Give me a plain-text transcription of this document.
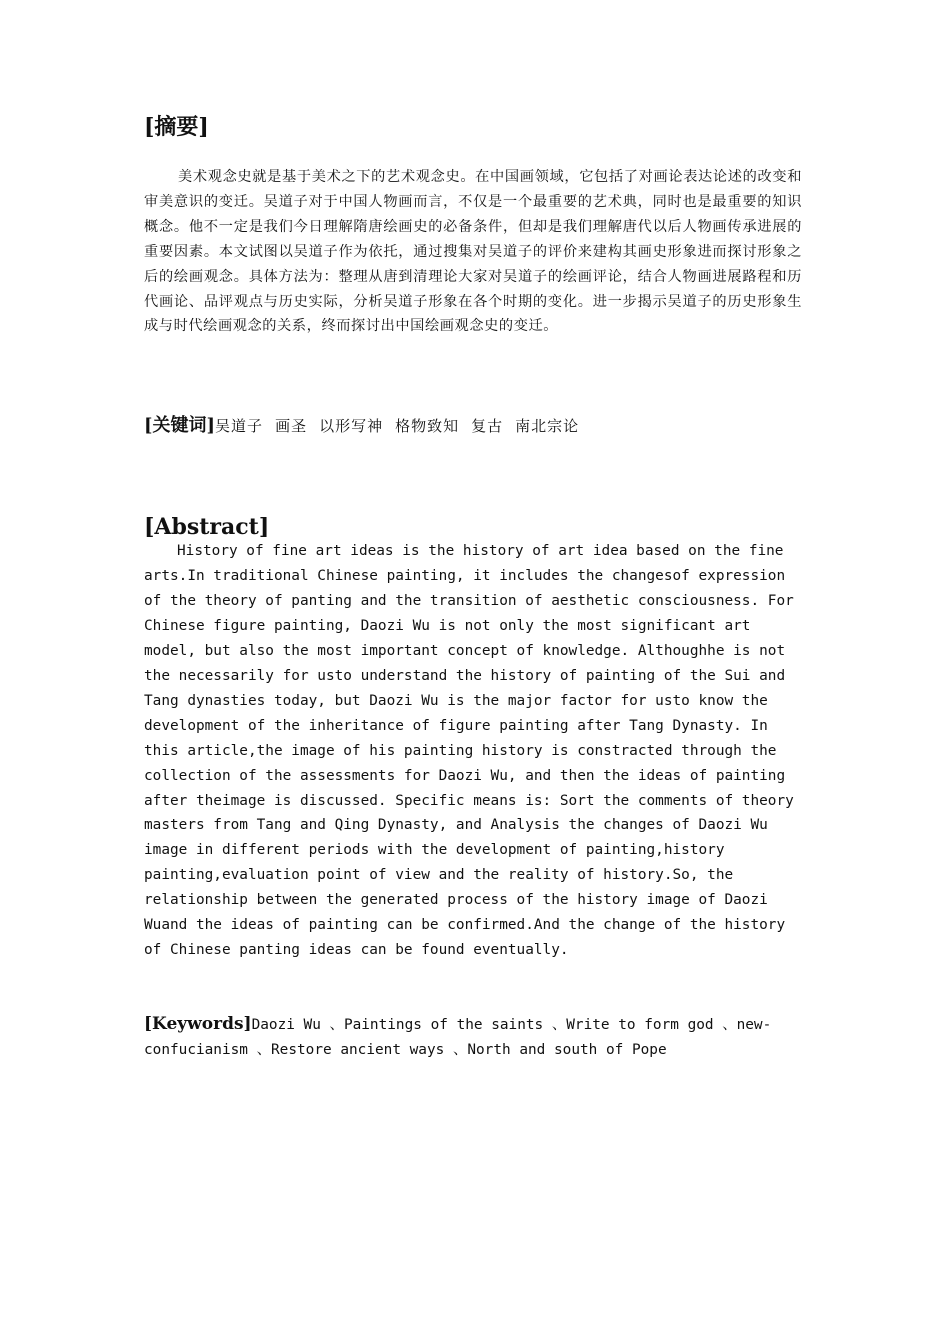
[摘要]

美术观念史就是基于美术之下的艺术观念史。在中国画领域，它包括了对画论表达论述的改变和审美意识的变迁。吴道子对于中国人物画而言，不仅是一个最重要的艺术典，同时也是最重要的知识概念。他不一定是我们今日理解隋唐绘画史的必备条件，但却是我们理解唐代以后人物画传承进展的重要因素。本文试图以吴道子作为依托，通过搜集对吴道子的评价来建构其画史形象进而探讨形象之后的绘画观念。具体方法为：整理从唐到清理论大家对吴道子的绘画评论，结合人物画进展路程和历代画论、品评观点与历史实际，分析吴道子形象在各个时期的变化。进一步揭示吴道子的历史形象生成与时代绘画观念的关系，终而探讨出中国绘画观念史的变迁。

[关键词]吴道子 画圣 以形写神 格物致知 复古 南北宗论
[Abstract]

History of fine art ideas is the history of art idea based on the fine arts.In traditional Chinese painting, it includes the changesof expression of the theory of panting and the transition of aesthetic consciousness. For Chinese figure painting, Daozi Wu is not only the most significant art model, but also the most important concept of knowledge. Althoughhe is not the necessarily for usto understand the history of painting of the Sui and Tang dynasties today, but Daozi Wu is the major factor for usto know the development of the inheritance of figure painting after Tang Dynasty. In this article,the image of his painting history is constracted through the collection of the assessments for Daozi Wu, and then the ideas of painting after theimage is discussed. Specific means is: Sort the comments of theory masters from Tang and Qing Dynasty, and Analysis the changes of Daozi Wu image in different periods with the development of painting,history painting,evaluation point of view and the reality of history.So, the relationship between the generated process of the history image of Daozi Wuand the ideas of painting can be confirmed.And the change of the history of Chinese panting ideas can be found eventually.

[Keywords]Daozi Wu 、Paintings of the saints 、Write to form god 、new-confucianism 、Restore ancient ways 、North and south of Pope
